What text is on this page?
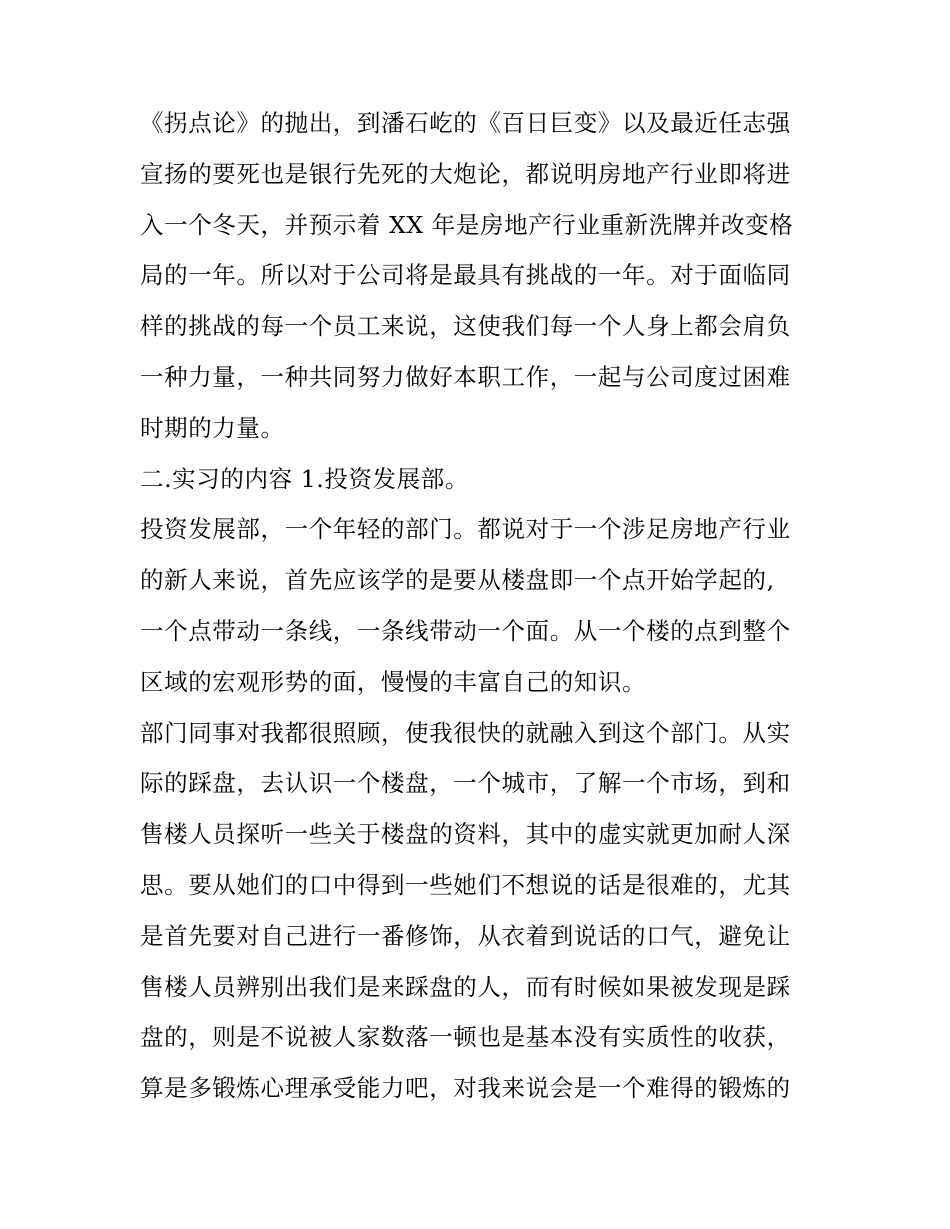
《拐点论》的抛出，到潘石屹的《百日巨变》以及最近任志强
宣扬的要死也是银行先死的大炮论，都说明房地产行业即将进
入一个冬天，并预示着 XX 年是房地产行业重新洗牌并改变格
局的一年。所以对于公司将是最具有挑战的一年。对于面临同
样的挑战的每一个员工来说，这使我们每一个人身上都会肩负
一种力量，一种共同努力做好本职工作，一起与公司度过困难
时期的力量。
二.实习的内容 1.投资发展部。
投资发展部，一个年轻的部门。都说对于一个涉足房地产行业
的新人来说，首先应该学的是要从楼盘即一个点开始学起的,
一个点带动一条线，一条线带动一个面。从一个楼的点到整个
区域的宏观形势的面，慢慢的丰富自己的知识。
部门同事对我都很照顾，使我很快的就融入到这个部门。从实
际的踩盘，去认识一个楼盘，一个城市，了解一个市场，到和
售楼人员探听一些关于楼盘的资料，其中的虚实就更加耐人深
思。要从她们的口中得到一些她们不想说的话是很难的，尤其
是首先要对自己进行一番修饰，从衣着到说话的口气，避免让
售楼人员辨别出我们是来踩盘的人，而有时候如果被发现是踩
盘的，则是不说被人家数落一顿也是基本没有实质性的收获，
算是多锻炼心理承受能力吧，对我来说会是一个难得的锻炼的
